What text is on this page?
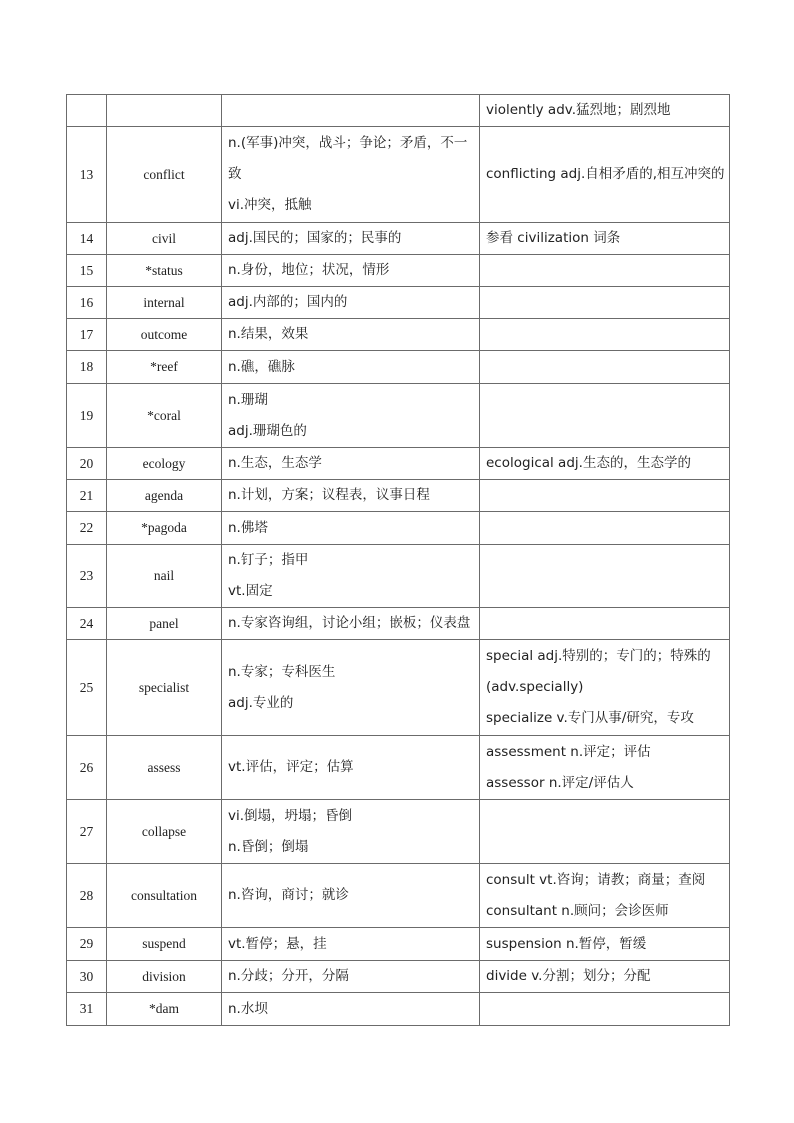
			violently adv.猛烈地；剧烈地

13	conflict	n.(军事)冲突，战斗；争论；矛盾，不一致
vi.冲突，抵触	conflicting adj.自相矛盾的,相互冲突的

14	civil	adj.国民的；国家的；民事的	参看 civilization 词条

15	*status	n.身份，地位；状况，情形	

16	internal	adj.内部的；国内的	

17	outcome	n.结果，效果	

18	*reef	n.礁，礁脉	

19	*coral	n.珊瑚
adj.珊瑚色的	

20	ecology	n.生态，生态学	ecological adj.生态的，生态学的

21	agenda	n.计划，方案；议程表，议事日程	

22	*pagoda	n.佛塔	

23	nail	n.钉子；指甲
vt.固定	

24	panel	n.专家咨询组，讨论小组；嵌板；仪表盘	

25	specialist	n.专家；专科医生
adj.专业的	special adj.特别的；专门的；特殊的
(adv.specially)
specialize v.专门从事/研究，专攻

26	assess	vt.评估，评定；估算	assessment n.评定；评估
assessor n.评定/评估人

27	collapse	vi.倒塌，坍塌；昏倒
n.昏倒；倒塌	

28	consultation	n.咨询，商讨；就诊	consult vt.咨询；请教；商量；查阅
consultant n.顾问；会诊医师

29	suspend	vt.暂停；悬，挂	suspension n.暂停，暂缓

30	division	n.分歧；分开，分隔	divide v.分割；划分；分配

31	*dam	n.水坝	
